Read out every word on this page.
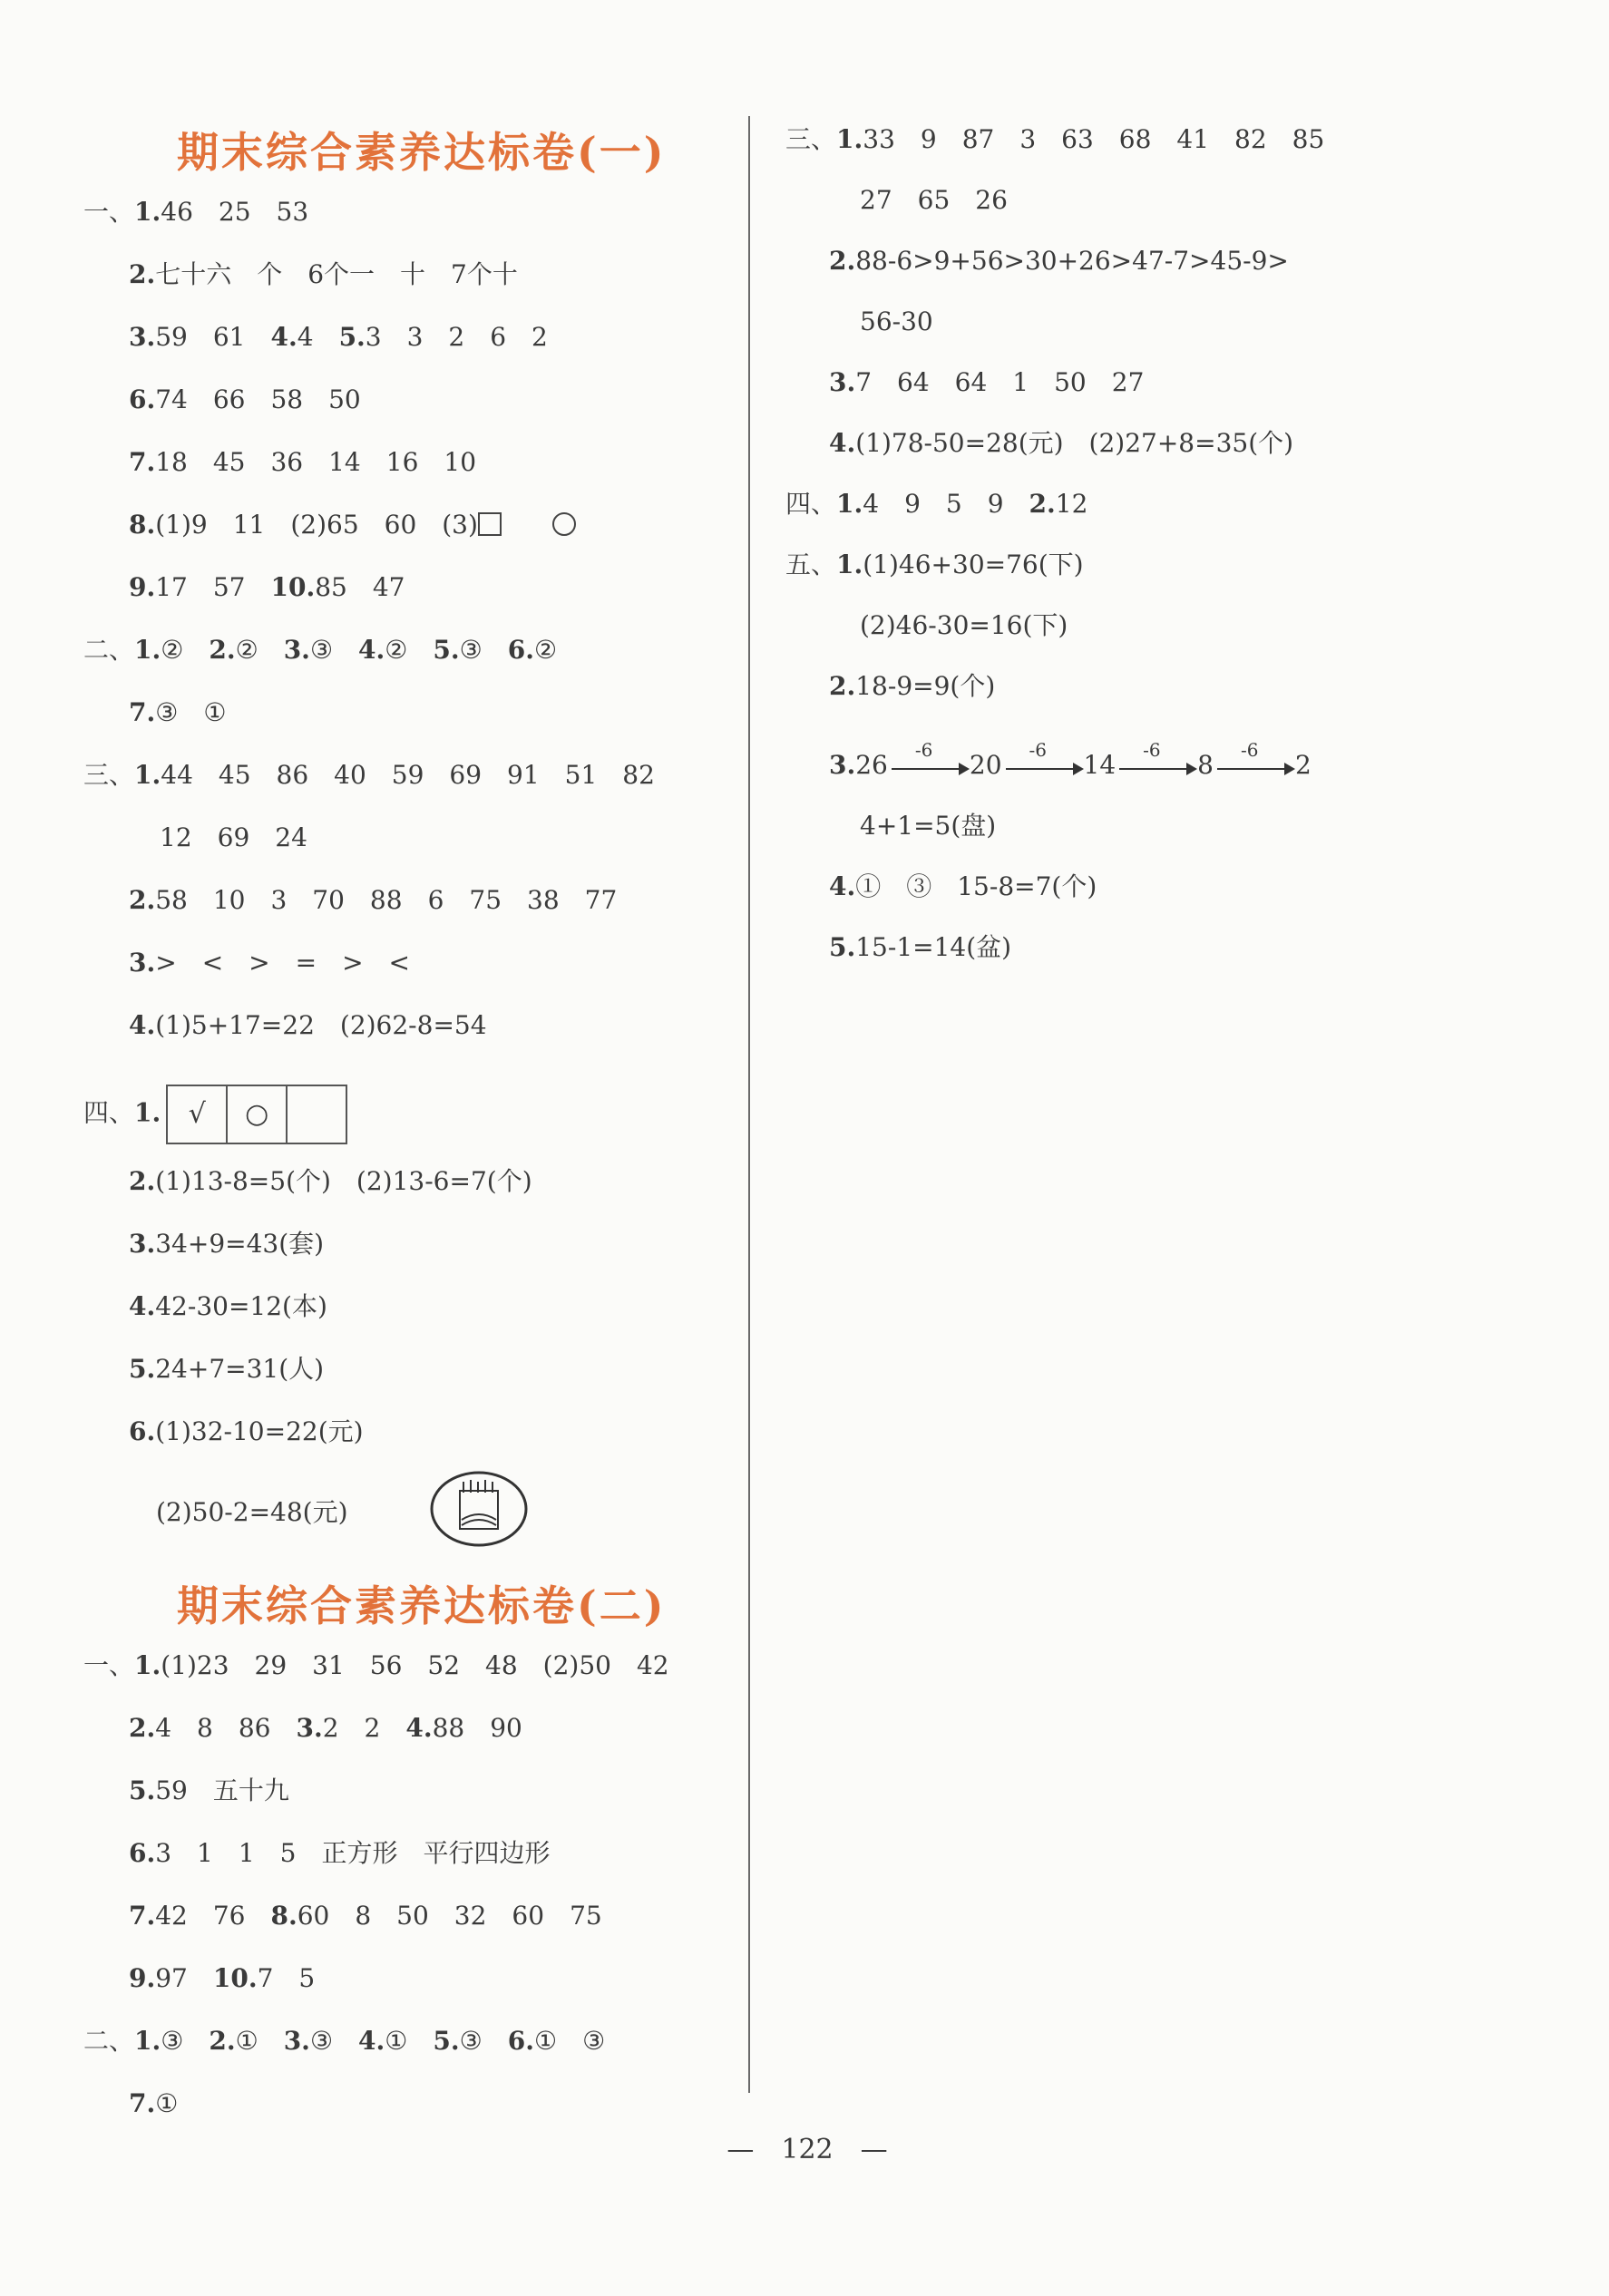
期末综合素养达标卷(一)
一、1.46　25　53
2.七十六　个　6个一　十　7个十
3.59　61　4.4　5.3　3　2　6　2
6.74　66　58　50
7.18　45　36　14　16　10
8.(1)9　11　(2)65　60　(3)　　
9.17　57　10.85　47
二、1.②　2.②　3.③　4.②　5.③　6.②
7.③　①
三、1.44　45　86　40　59　69　91　51　82
12　69　24
2.58　10　3　70　88　6　75　38　77
3.>　<　>　=　>　<
4.(1)5+17=22　(2)62-8=54
四、1.	√	○
2.(1)13-8=5(个)　(2)13-6=7(个)
3.34+9=43(套)
4.42-30=12(本)
5.24+7=31(人)
6.(1)32-10=22(元)
(2)50-2=48(元)
期末综合素养达标卷(二)
一、1.(1)23　29　31　56　52　48　(2)50　42
2.4　8　86　3.2　2　4.88　90
5.59　五十九
6.3　1　1　5　正方形　平行四边形
7.42　76　8.60　8　50　32　60　75
9.97　10.7　5
二、1.③　2.①　3.③　4.①　5.③　6.①　③
7.①
三、1.33　9　87　3　63　68　41　82　85
27　65　26
2.88-6>9+56>30+26>47-7>45-9>
56-30
3.7　64　64　1　50　27
4.(1)78-50=28(元)　(2)27+8=35(个)
四、1.4　9　5　9　2.12
五、1.(1)46+30=76(下)
(2)46-30=16(下)
2.18-9=9(个)
3.26
-6
20
-6
14
-6
8
-6
2
4+1=5(盘)
4.①　③　15-8=7(个)
5.15-1=14(盆)
—　122　—
